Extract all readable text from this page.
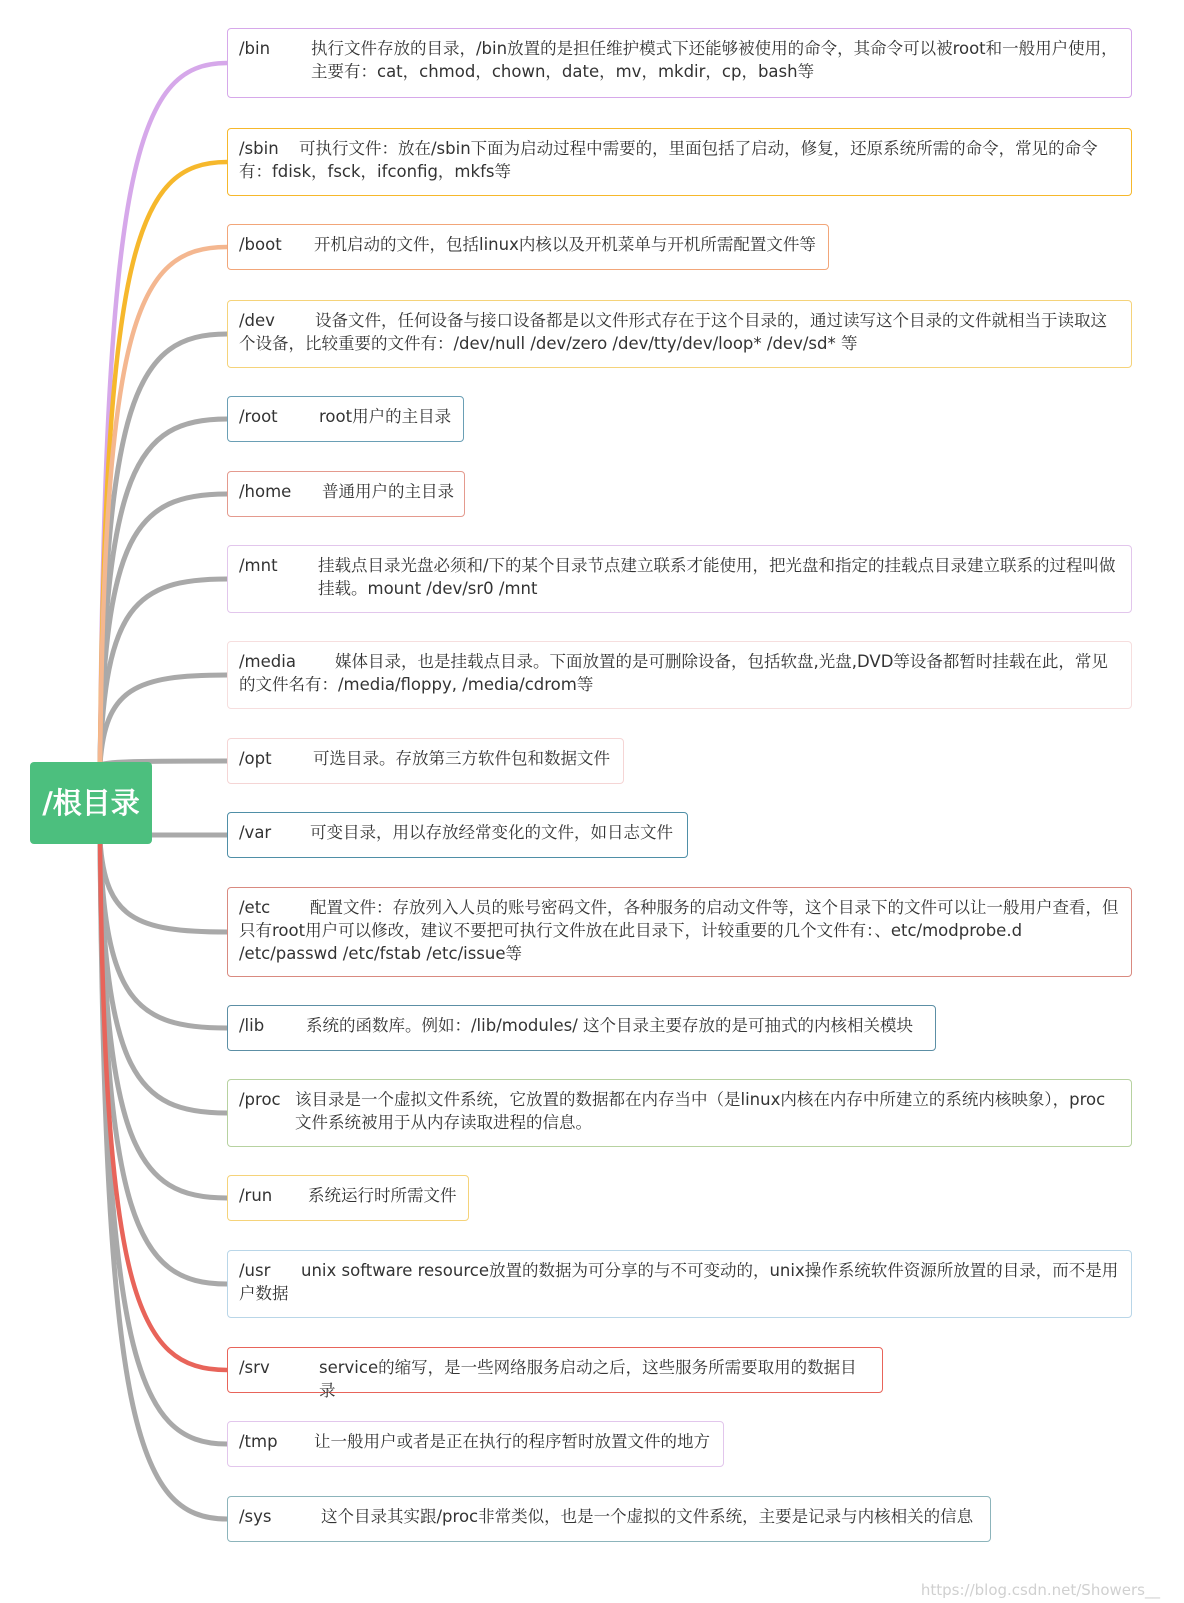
/根目录
/bin	执行文件存放的目录，/bin放置的是担任维护模式下还能够被使用的命令，其命令可以被root和一般用户使用，主要有：cat，chmod，chown，date，mv，mkdir，cp，bash等
/sbin 可执行文件：放在/sbin下面为启动过程中需要的，里面包括了启动，修复，还原系统所需的命令，常见的命令有：fdisk，fsck，ifconfig，mkfs等
/boot	开机启动的文件，包括linux内核以及开机菜单与开机所需配置文件等
/dev 设备文件，任何设备与接口设备都是以文件形式存在于这个目录的，通过读写这个目录的文件就相当于读取这个设备，比较重要的文件有：/dev/null /dev/zero /dev/tty/dev/loop* /dev/sd* 等
/root	root用户的主目录
/home	普通用户的主目录
/mnt	挂载点目录光盘必须和/下的某个目录节点建立联系才能使用，把光盘和指定的挂载点目录建立联系的过程叫做挂载。mount /dev/sr0 /mnt
/media 媒体目录，也是挂载点目录。下面放置的是可删除设备，包括软盘,光盘,DVD等设备都暂时挂载在此，常见的文件名有：/media/floppy, /media/cdrom等
/opt	可选目录。存放第三方软件包和数据文件
/var	可变目录，用以存放经常变化的文件，如日志文件
/etc 配置文件：存放列入人员的账号密码文件，各种服务的启动文件等，这个目录下的文件可以让一般用户查看，但只有root用户可以修改，建议不要把可执行文件放在此目录下，计较重要的几个文件有：、etc/modprobe.d /etc/passwd /etc/fstab /etc/issue等
/lib	系统的函数库。例如：/lib/modules/ 这个目录主要存放的是可抽式的内核相关模块
/proc 该目录是一个虚拟文件系统，它放置的数据都在内存当中（是linux内核在内存中所建立的系统内核映象），proc文件系统被用于从内存读取进程的信息。
/run	系统运行时所需文件
/usr unix software resource放置的数据为可分享的与不可变动的，unix操作系统软件资源所放置的目录，而不是用户数据
/srv	service的缩写，是一些网络服务启动之后，这些服务所需要取用的数据目录
/tmp	让一般用户或者是正在执行的程序暂时放置文件的地方
/sys	这个目录其实跟/proc非常类似，也是一个虚拟的文件系统，主要是记录与内核相关的信息
https://blog.csdn.net/Showers__
